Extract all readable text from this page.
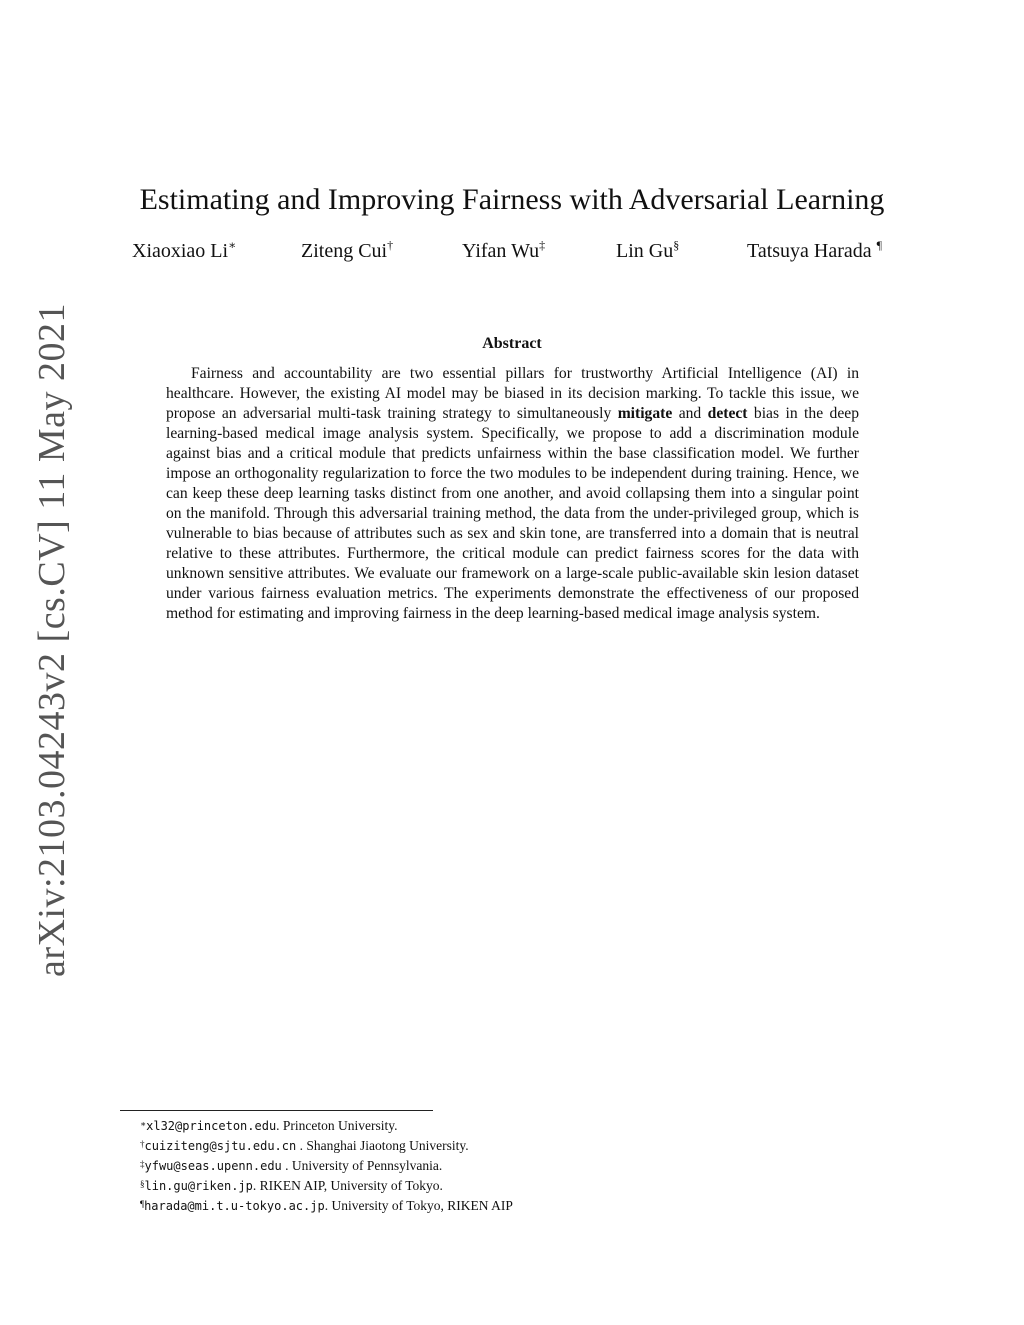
arXiv:2103.04243v2 [cs.CV] 11 May 2021
Estimating and Improving Fairness with Adversarial Learning
Xiaoxiao Li∗	Ziteng Cui†	Yifan Wu‡	Lin Gu§	Tatsuya Harada ¶
Abstract

Fairness and accountability are two essential pillars for trustworthy Artificial Intelligence (AI) in healthcare. However, the existing AI model may be biased in its decision marking. To tackle this issue, we propose an adversarial multi-task training strategy to simultaneously mitigate and detect bias in the deep learning-based medical image analysis system. Specifically, we propose to add a discrimination module against bias and a critical module that predicts unfairness within the base classification model. We further impose an orthogonality regularization to force the two modules to be independent during training. Hence, we can keep these deep learning tasks distinct from one another, and avoid collapsing them into a singular point on the manifold. Through this adversarial training method, the data from the under-privileged group, which is vulnerable to bias because of attributes such as sex and skin tone, are transferred into a domain that is neutral relative to these attributes. Furthermore, the critical module can predict fairness scores for the data with unknown sensitive attributes. We evaluate our framework on a large-scale public-available skin lesion dataset under various fairness evaluation metrics. The experiments demonstrate the effectiveness of our proposed method for estimating and improving fairness in the deep learning-based medical image analysis system.

∗xl32@princeton.edu. Princeton University.
†cuiziteng@sjtu.edu.cn . Shanghai Jiaotong University.
‡yfwu@seas.upenn.edu . University of Pennsylvania.
§lin.gu@riken.jp. RIKEN AIP, University of Tokyo.
¶harada@mi.t.u-tokyo.ac.jp. University of Tokyo, RIKEN AIP
